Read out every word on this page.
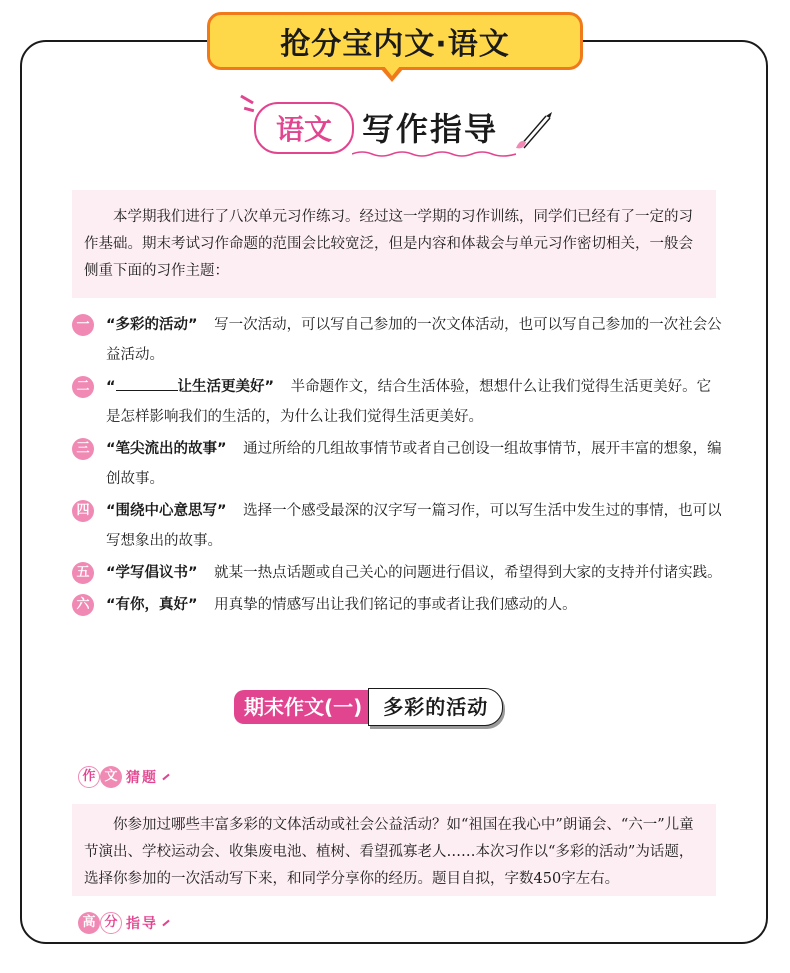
抢分宝内文·语文
语文 写作指导

本学期我们进行了八次单元习作练习。经过这一学期的习作训练，同学们已经有了一定的习作基础。期末考试习作命题的范围会比较宽泛，但是内容和体裁会与单元习作密切相关，一般会侧重下面的习作主题：

一	“多彩的活动” 写一次活动，可以写自己参加的一次文体活动，也可以写自己参加的一次社会公益活动。
二	“	让生活更美好” 半命题作文，结合生活体验，想想什么让我们觉得生活更美好。它是怎样影响我们的生活的，为什么让我们觉得生活更美好。
三	“笔尖流出的故事” 通过所给的几组故事情节或者自己创设一组故事情节，展开丰富的想象，编创故事。
四	“围绕中心意思写” 选择一个感受最深的汉字写一篇习作，可以写生活中发生过的事情，也可以写想象出的故事。
五	“学写倡议书” 就某一热点话题或自己关心的问题进行倡议，希望得到大家的支持并付诸实践。
六	“有你，真好” 用真挚的情感写出让我们铭记的事或者让我们感动的人。
期末作文(一)	多彩的活动
作 文 猜题

你参加过哪些丰富多彩的文体活动或社会公益活动？如“祖国在我心中”朗诵会、“六一”儿童节演出、学校运动会、收集废电池、植树、看望孤寡老人……本次习作以“多彩的活动”为话题，选择你参加的一次活动写下来，和同学分享你的经历。题目自拟，字数450字左右。

高 分 指导
